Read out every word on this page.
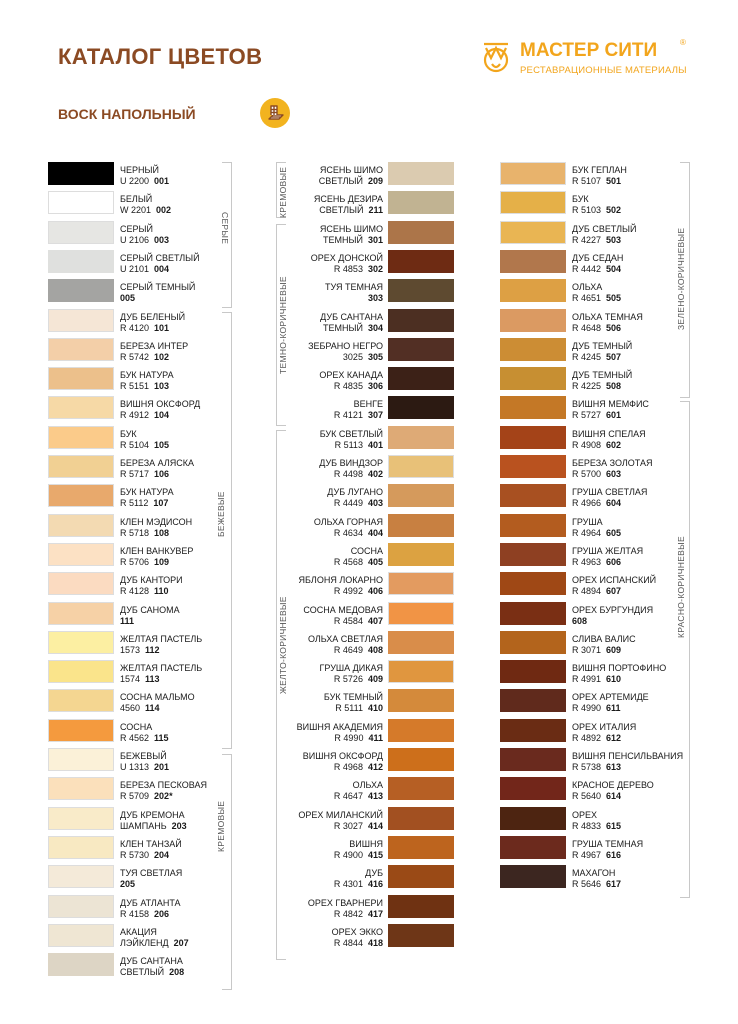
КАТАЛОГ ЦВЕТОВ
ВОСК НАПОЛЬНЫЙ
МАСТЕР СИТИ	®
РЕСТАВРАЦИОННЫЕ МАТЕРИАЛЫ
СЕРЫЕ
БЕЖЕВЫЕ
КРЕМОВЫЕ
КРЕМОВЫЕ
ТЕМНО-КОРИЧНЕВЫЕ
ЖЕЛТО-КОРИЧНЕВЫЕ
ЗЕЛЕНО-КОРИЧНЕВЫЕ
КРАСНО-КОРИЧНЕВЫЕ
ЧЕРНЫЙ
U 2200 001
БЕЛЫЙ
W 2201 002
СЕРЫЙ
U 2106 003
СЕРЫЙ СВЕТЛЫЙ
U 2101 004
СЕРЫЙ ТЕМНЫЙ
005
ДУБ БЕЛЕНЫЙ
R 4120 101
БЕРЕЗА ИНТЕР
R 5742 102
БУК НАТУРА
R 5151 103
ВИШНЯ ОКСФОРД
R 4912 104
БУК
R 5104 105
БЕРЕЗА АЛЯСКА
R 5717 106
БУК НАТУРА
R 5112 107
КЛЕН МЭДИСОН
R 5718 108
КЛЕН ВАНКУВЕР
R 5706 109
ДУБ КАНТОРИ
R 4128 110
ДУБ САНОМА
111
ЖЕЛТАЯ ПАСТЕЛЬ
1573 112
ЖЕЛТАЯ ПАСТЕЛЬ
1574 113
СОСНА МАЛЬМО
4560 114
СОСНА
R 4562 115
БЕЖЕВЫЙ
U 1313 201
БЕРЕЗА ПЕСКОВАЯ
R 5709 202*
ДУБ КРЕМОНА
ШАМПАНЬ 203
КЛЕН ТАНЗАЙ
R 5730 204
ТУЯ СВЕТЛАЯ
205
ДУБ АТЛАНТА
R 4158 206
АКАЦИЯ
ЛЭЙКЛЕНД 207
ДУБ САНТАНА
СВЕТЛЫЙ 208
ЯСЕНЬ ШИМО
СВЕТЛЫЙ 209
ЯСЕНЬ ДЕЗИРА
СВЕТЛЫЙ 211
ЯСЕНЬ ШИМО
ТЕМНЫЙ 301
ОРЕХ ДОНСКОЙ
R 4853 302
ТУЯ ТЕМНАЯ
303
ДУБ САНТАНА
ТЕМНЫЙ 304
ЗЕБРАНО НЕГРО
3025 305
ОРЕХ КАНАДА
R 4835 306
ВЕНГЕ
R 4121 307
БУК СВЕТЛЫЙ
R 5113 401
ДУБ ВИНДЗОР
R 4498 402
ДУБ ЛУГАНО
R 4449 403
ОЛЬХА ГОРНАЯ
R 4634 404
СОСНА
R 4568 405
ЯБЛОНЯ ЛОКАРНО
R 4992 406
СОСНА МЕДОВАЯ
R 4584 407
ОЛЬХА СВЕТЛАЯ
R 4649 408
ГРУША ДИКАЯ
R 5726 409
БУК ТЕМНЫЙ
R 5111 410
ВИШНЯ АКАДЕМИЯ
R 4990 411
ВИШНЯ ОКСФОРД
R 4968 412
ОЛЬХА
R 4647 413
ОРЕХ МИЛАНСКИЙ
R 3027 414
ВИШНЯ
R 4900 415
ДУБ
R 4301 416
ОРЕХ ГВАРНЕРИ
R 4842 417
ОРЕХ ЭККО
R 4844 418
БУК ГЕПЛАН
R 5107 501
БУК
R 5103 502
ДУБ СВЕТЛЫЙ
R 4227 503
ДУБ СЕДАН
R 4442 504
ОЛЬХА
R 4651 505
ОЛЬХА ТЕМНАЯ
R 4648 506
ДУБ ТЕМНЫЙ
R 4245 507
ДУБ ТЕМНЫЙ
R 4225 508
ВИШНЯ МЕМФИС
R 5727 601
ВИШНЯ СПЕЛАЯ
R 4908 602
БЕРЕЗА ЗОЛОТАЯ
R 5700 603
ГРУША СВЕТЛАЯ
R 4966 604
ГРУША
R 4964 605
ГРУША ЖЕЛТАЯ
R 4963 606
ОРЕХ ИСПАНСКИЙ
R 4894 607
ОРЕХ БУРГУНДИЯ
608
СЛИВА ВАЛИС
R 3071 609
ВИШНЯ ПОРТОФИНО
R 4991 610
ОРЕХ АРТЕМИДЕ
R 4990 611
ОРЕХ ИТАЛИЯ
R 4892 612
ВИШНЯ ПЕНСИЛЬВАНИЯ
R 5738 613
КРАСНОЕ ДЕРЕВО
R 5640 614
ОРЕХ
R 4833 615
ГРУША ТЕМНАЯ
R 4967 616
МАХАГОН
R 5646 617
